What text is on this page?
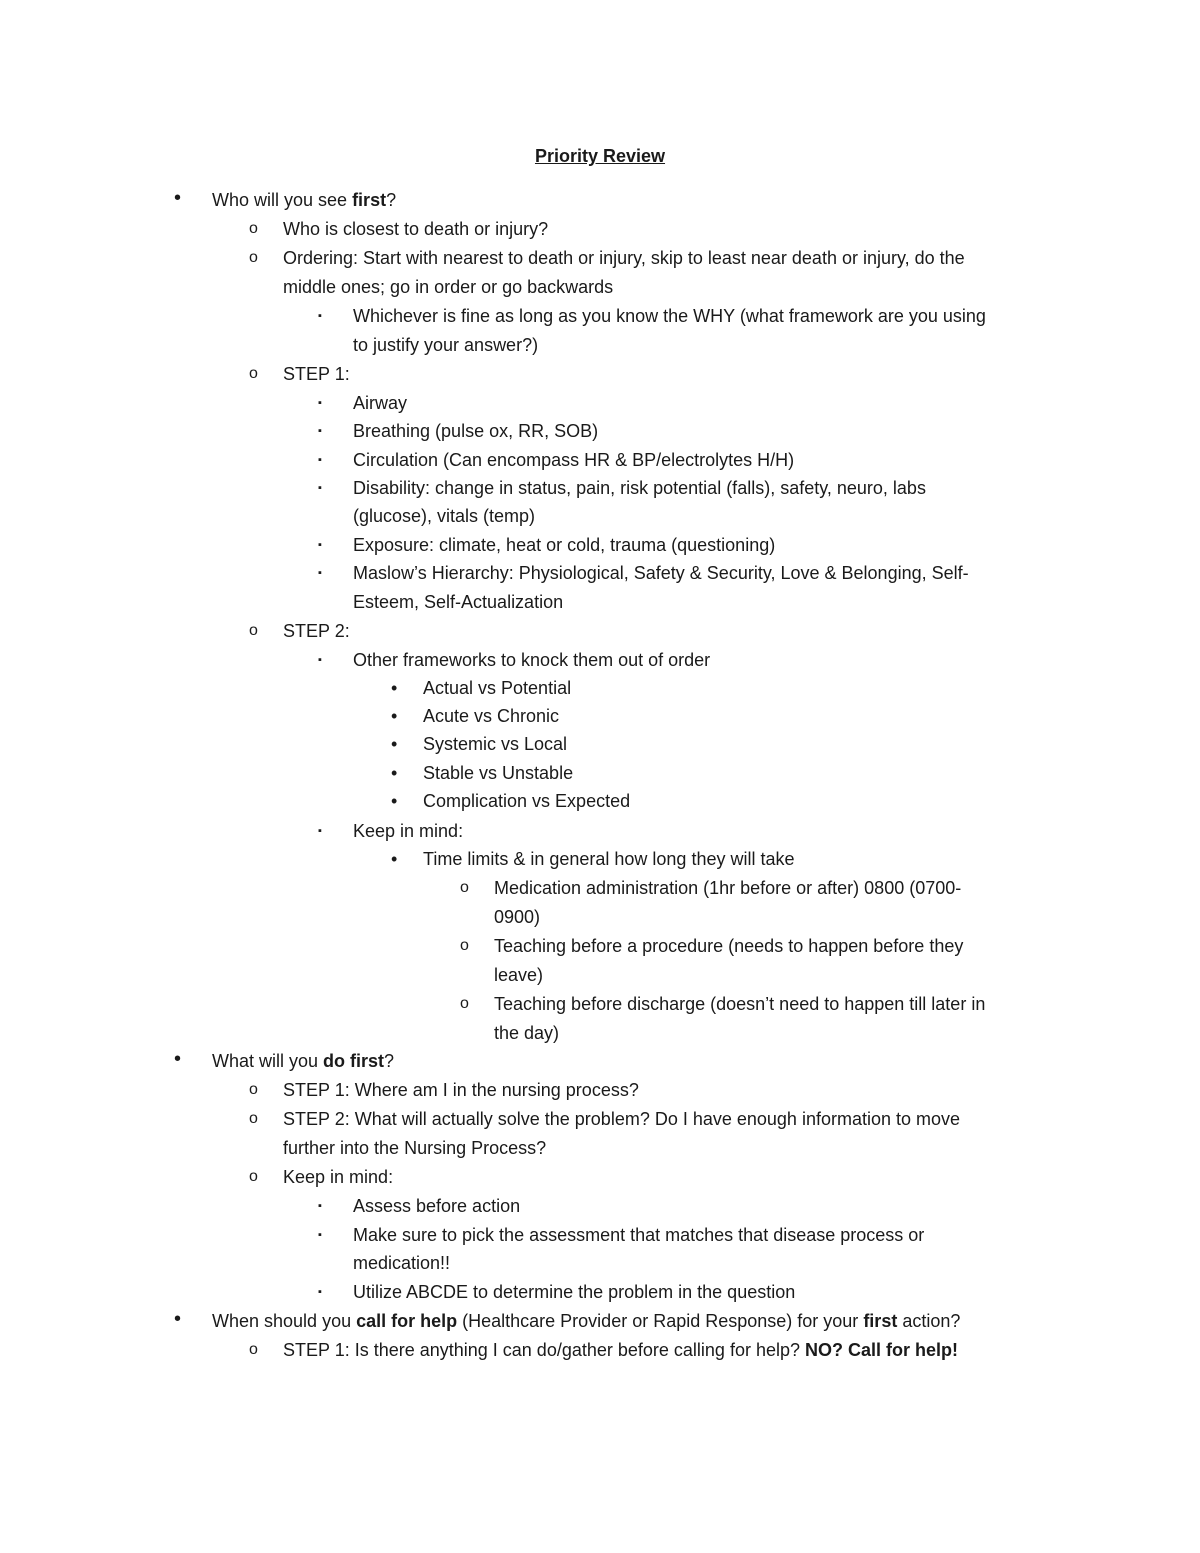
Priority Review
• Who will you see first?
o Who is closest to death or injury?
o Ordering: Start with nearest to death or injury, skip to least near death or injury, do the
middle ones; go in order or go backwards
▪ Whichever is fine as long as you know the WHY (what framework are you using
to justify your answer?)
o STEP 1:
▪ Airway
▪ Breathing (pulse ox, RR, SOB)
▪ Circulation (Can encompass HR & BP/electrolytes H/H)
▪ Disability: change in status, pain, risk potential (falls), safety, neuro, labs
(glucose), vitals (temp)
▪ Exposure: climate, heat or cold, trauma (questioning)
▪ Maslow’s Hierarchy: Physiological, Safety & Security, Love & Belonging, Self-
Esteem, Self-Actualization
o STEP 2:
▪ Other frameworks to knock them out of order
• Actual vs Potential
• Acute vs Chronic
• Systemic vs Local
• Stable vs Unstable
• Complication vs Expected
▪ Keep in mind:
• Time limits & in general how long they will take
o Medication administration (1hr before or after) 0800 (0700-
0900)
o Teaching before a procedure (needs to happen before they
leave)
o Teaching before discharge (doesn’t need to happen till later in
the day)
• What will you do first?
o STEP 1: Where am I in the nursing process?
o STEP 2: What will actually solve the problem? Do I have enough information to move
further into the Nursing Process?
o Keep in mind:
▪ Assess before action
▪ Make sure to pick the assessment that matches that disease process or
medication!!
▪ Utilize ABCDE to determine the problem in the question
• When should you call for help (Healthcare Provider or Rapid Response) for your first action?
o STEP 1: Is there anything I can do/gather before calling for help? NO? Call for help!
